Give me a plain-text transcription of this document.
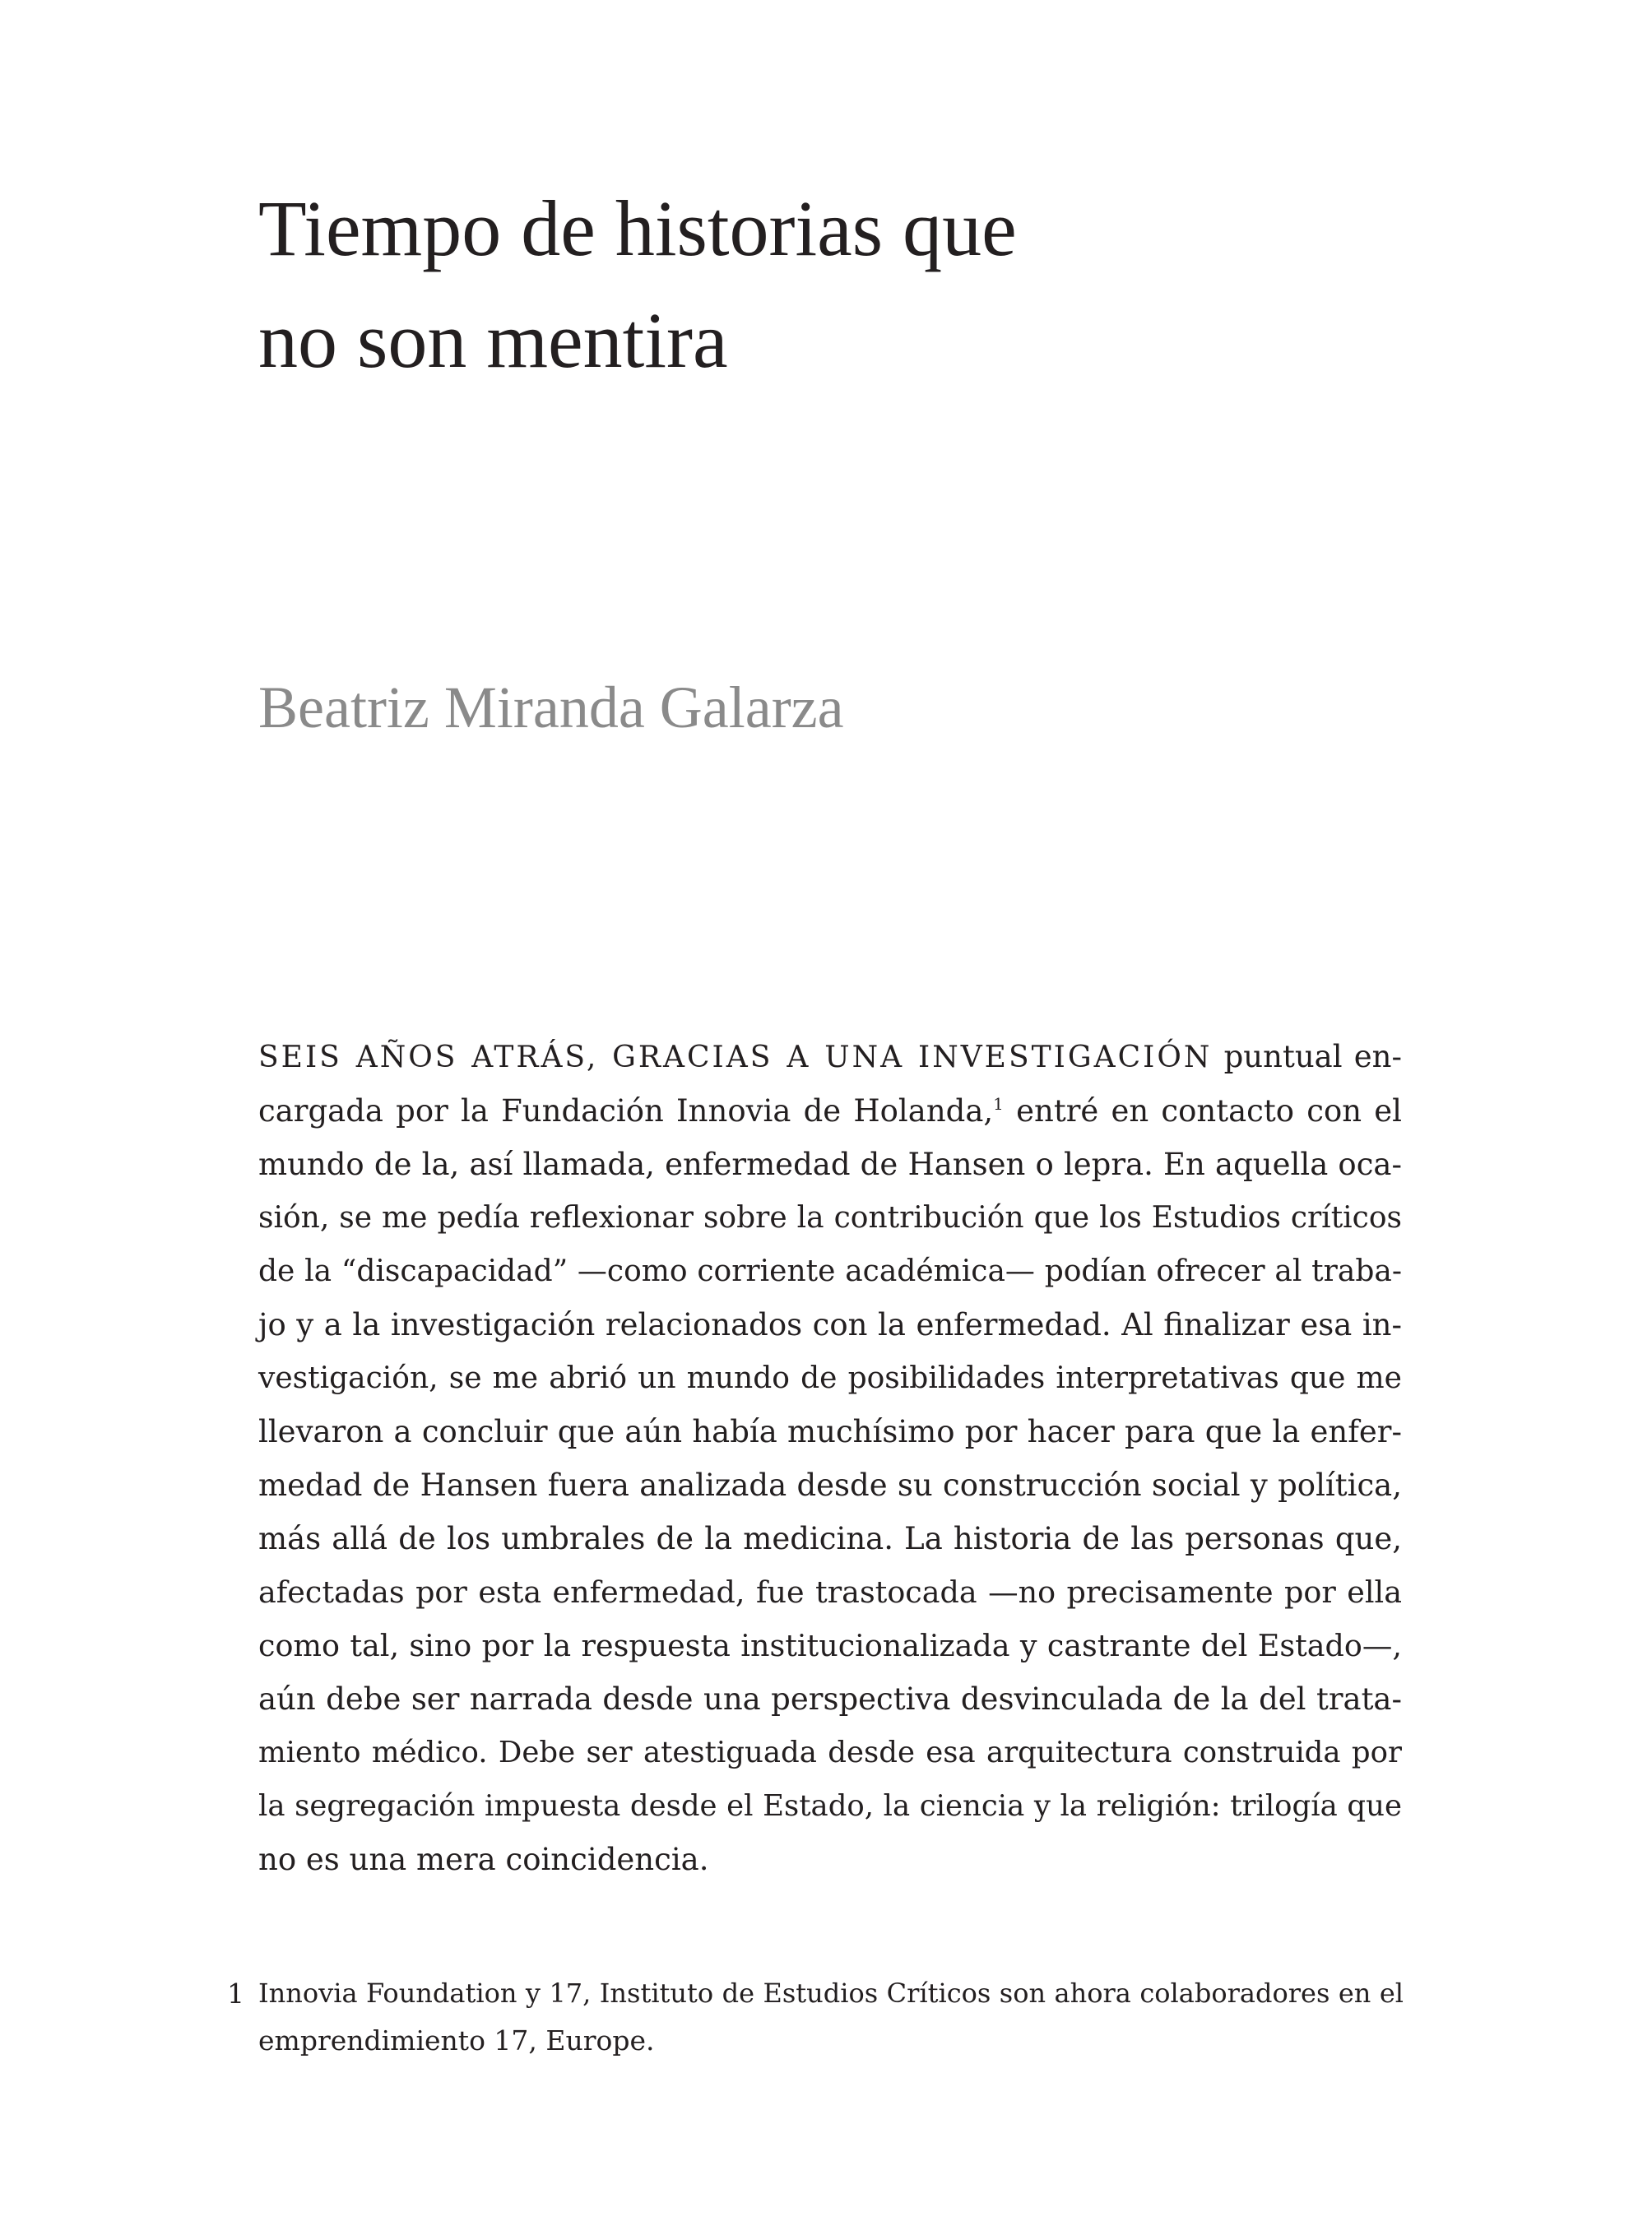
Tiempo de historias que
no son mentira

Beatriz Miranda Galarza

SEIS AÑOS ATRÁS, GRACIAS A UNA INVESTIGACIÓN puntual en-
cargada por la Fundación Innovia de Holanda,$^1$ entré en contacto con el
mundo de la, así llamada, enfermedad de Hansen o lepra. En aquella oca-
sión, se me pedía reflexionar sobre la contribución que los Estudios críticos
de la “discapacidad” —como corriente académica— podían ofrecer al traba-
jo y a la investigación relacionados con la enfermedad. Al finalizar esa in-
vestigación, se me abrió un mundo de posibilidades interpretativas que me
llevaron a concluir que aún había muchísimo por hacer para que la enfer-
medad de Hansen fuera analizada desde su construcción social y política,
más allá de los umbrales de la medicina. La historia de las personas que,
afectadas por esta enfermedad, fue trastocada —no precisamente por ella
como tal, sino por la respuesta institucionalizada y castrante del Estado—,
aún debe ser narrada desde una perspectiva desvinculada de la del trata-
miento médico. Debe ser atestiguada desde esa arquitectura construida por
la segregación impuesta desde el Estado, la ciencia y la religión: trilogía que
no es una mera coincidencia.
1 Innovia Foundation y 17, Instituto de Estudios Críticos son ahora colaboradores en el
emprendimiento 17, Europe.
